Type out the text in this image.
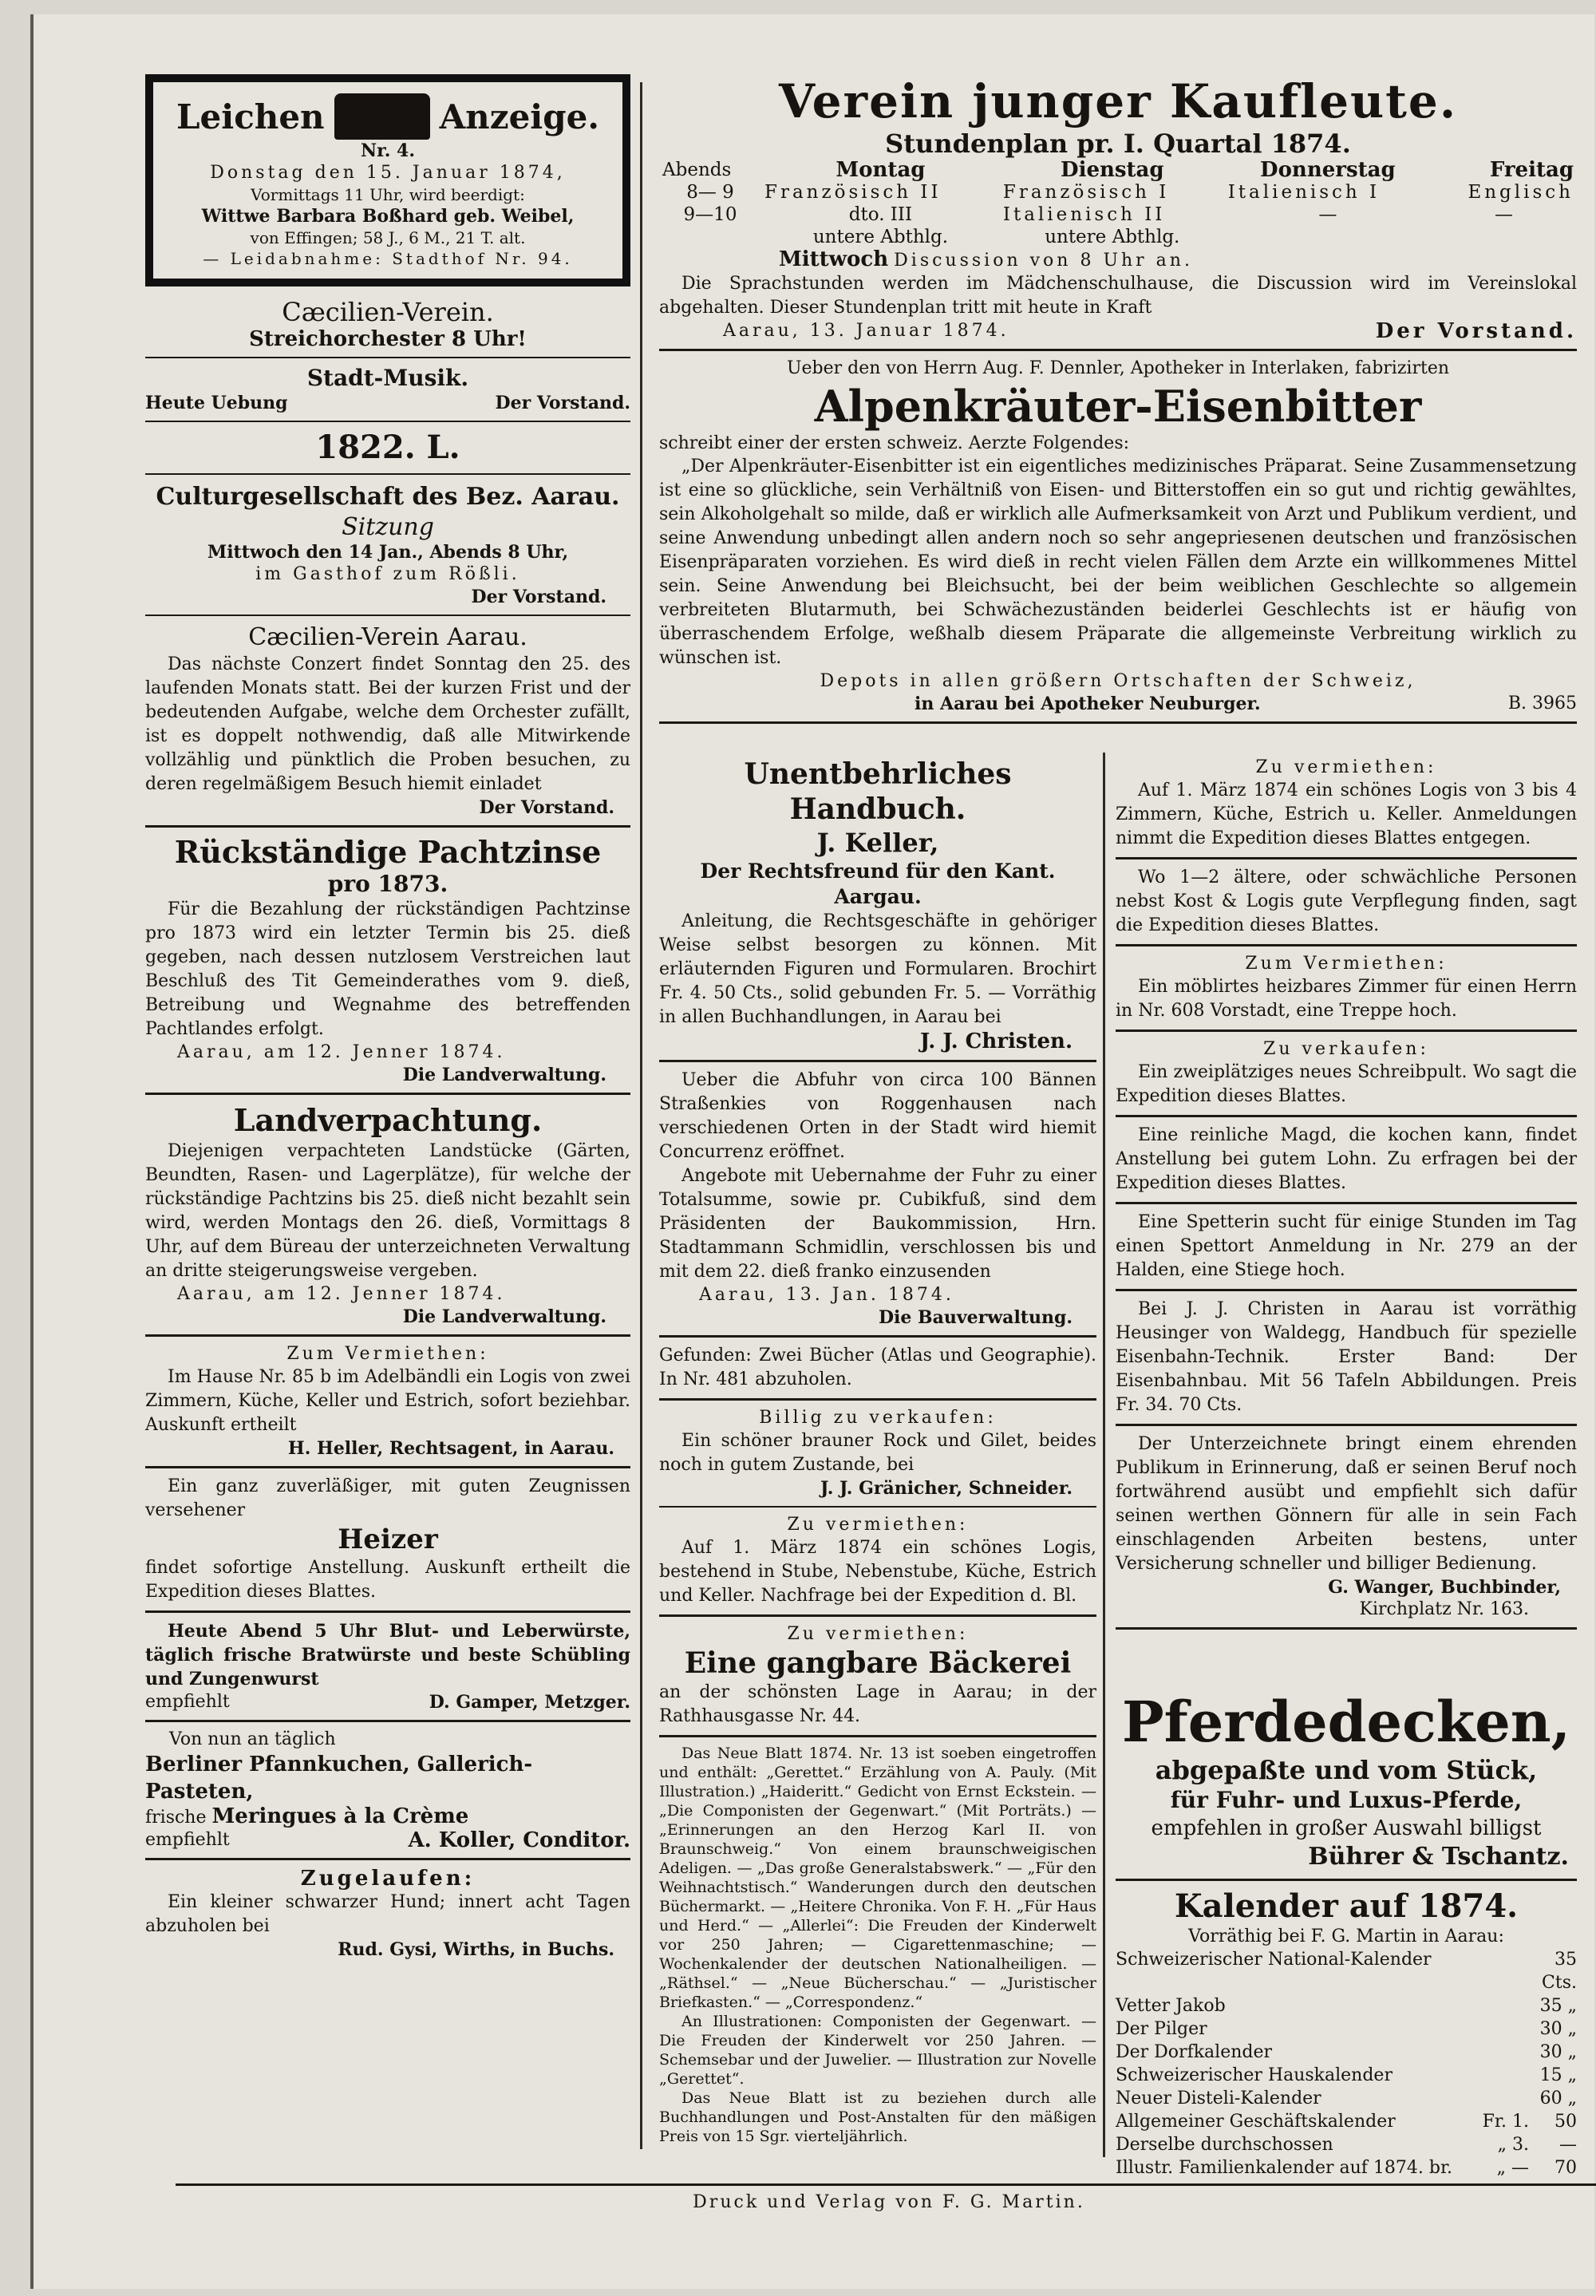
Leichen	Anzeige.
Nr. 4.
Donstag den 15. Januar 1874,
Vormittags 11 Uhr, wird beerdigt:
Wittwe Barbara Boßhard geb. Weibel,
von Effingen; 58 J., 6 M., 21 T. alt.
— Leidabnahme: Stadthof Nr. 94.
Cæcilien-Verein.
Streichorchester 8 Uhr!
Stadt-Musik.
Heute Uebung	Der Vorstand.
1822. L.
Culturgesellschaft des Bez. Aarau.
Sitzung
Mittwoch den 14 Jan., Abends 8 Uhr,
im Gasthof zum Rößli.
Der Vorstand.
Cæcilien-Verein Aarau.
Das nächste Conzert findet Sonntag den 25. des laufenden Monats statt. Bei der kurzen Frist und der bedeutenden Aufgabe, welche dem Orchester zufällt, ist es doppelt nothwendig, daß alle Mitwirkende vollzählig und pünktlich die Proben besuchen, zu deren regelmäßigem Besuch hiemit einladet
Der Vorstand.
Rückständige Pachtzinse
pro 1873.
Für die Bezahlung der rückständigen Pachtzinse pro 1873 wird ein letzter Termin bis 25. dieß gegeben, nach dessen nutzlosem Verstreichen laut Beschluß des Tit Gemeinderathes vom 9. dieß, Betreibung und Wegnahme des betreffenden Pachtlandes erfolgt.
Aarau, am 12. Jenner 1874.
Die Landverwaltung.
Landverpachtung.
Diejenigen verpachteten Landstücke (Gärten, Beundten, Rasen- und Lagerplätze), für welche der rückständige Pachtzins bis 25. dieß nicht bezahlt sein wird, werden Montags den 26. dieß, Vormittags 8 Uhr, auf dem Büreau der unterzeichneten Verwaltung an dritte steigerungsweise vergeben.
Aarau, am 12. Jenner 1874.
Die Landverwaltung.
Zum Vermiethen:
Im Hause Nr. 85 b im Adelbändli ein Logis von zwei Zimmern, Küche, Keller und Estrich, sofort beziehbar. Auskunft ertheilt
H. Heller, Rechtsagent, in Aarau.
Ein ganz zuverläßiger, mit guten Zeugnissen versehener
Heizer
findet sofortige Anstellung. Auskunft ertheilt die Expedition dieses Blattes.
Heute Abend 5 Uhr Blut- und Leberwürste, täglich frische Bratwürste und beste Schübling und Zungenwurst
empfiehlt	D. Gamper, Metzger.
Von nun an täglich
Berliner Pfannkuchen, Gallerich-Pasteten,
frische Meringues à la Crème
empfiehlt	A. Koller, Conditor.
Zugelaufen:
Ein kleiner schwarzer Hund; innert acht Tagen abzuholen bei
Rud. Gysi, Wirths, in Buchs.
Verein junger Kaufleute.
Stundenplan pr. I. Quartal 1874.
Abends	Montag	Dienstag	Donnerstag	Freitag
8— 9	Französisch II	Französisch I	Italienisch I	Englisch
9—10	dto. III	Italienisch II	—	—
	untere Abthlg.	untere Abthlg.		
Mittwoch Discussion von 8 Uhr an.
Die Sprachstunden werden im Mädchenschulhause, die Discussion wird im Vereinslokal abgehalten. Dieser Stundenplan tritt mit heute in Kraft
Aarau, 13. Januar 1874.	Der Vorstand.
Ueber den von Herrn Aug. F. Dennler, Apotheker in Interlaken, fabrizirten
Alpenkräuter-Eisenbitter
schreibt einer der ersten schweiz. Aerzte Folgendes:
„Der Alpenkräuter-Eisenbitter ist ein eigentliches medizinisches Präparat. Seine Zusammensetzung ist eine so glückliche, sein Verhältniß von Eisen- und Bitterstoffen ein so gut und richtig gewähltes, sein Alkoholgehalt so milde, daß er wirklich alle Aufmerksamkeit von Arzt und Publikum verdient, und seine Anwendung unbedingt allen andern noch so sehr angepriesenen deutschen und französischen Eisenpräparaten vorziehen. Es wird dieß in recht vielen Fällen dem Arzte ein willkommenes Mittel sein. Seine Anwendung bei Bleichsucht, bei der beim weiblichen Geschlechte so allgemein verbreiteten Blutarmuth, bei Schwächezuständen beiderlei Geschlechts ist er häufig von überraschendem Erfolge, weßhalb diesem Präparate die allgemeinste Verbreitung wirklich zu wünschen ist.
Depots in allen größern Ortschaften der Schweiz,
in Aarau bei Apotheker Neuburger.	B. 3965
Unentbehrliches Handbuch.
J. Keller,
Der Rechtsfreund für den Kant. Aargau.
Anleitung, die Rechtsgeschäfte in gehöriger Weise selbst besorgen zu können. Mit erläuternden Figuren und Formularen. Brochirt Fr. 4. 50 Cts., solid gebunden Fr. 5. — Vorräthig in allen Buchhandlungen, in Aarau bei
J. J. Christen.
Ueber die Abfuhr von circa 100 Bännen Straßenkies von Roggenhausen nach verschiedenen Orten in der Stadt wird hiemit Concurrenz eröffnet.
Angebote mit Uebernahme der Fuhr zu einer Totalsumme, sowie pr. Cubikfuß, sind dem Präsidenten der Baukommission, Hrn. Stadtammann Schmidlin, verschlossen bis und mit dem 22. dieß franko einzusenden
Aarau, 13. Jan. 1874.
Die Bauverwaltung.
Gefunden: Zwei Bücher (Atlas und Geographie). In Nr. 481 abzuholen.
Billig zu verkaufen:
Ein schöner brauner Rock und Gilet, beides noch in gutem Zustande, bei
J. J. Gränicher, Schneider.
Zu vermiethen:
Auf 1. März 1874 ein schönes Logis, bestehend in Stube, Nebenstube, Küche, Estrich und Keller. Nachfrage bei der Expedition d. Bl.
Zu vermiethen:
Eine gangbare Bäckerei
an der schönsten Lage in Aarau; in der Rathhausgasse Nr. 44.
Das Neue Blatt 1874. Nr. 13 ist soeben eingetroffen und enthält: „Gerettet.“ Erzählung von A. Pauly. (Mit Illustration.) „Haideritt.“ Gedicht von Ernst Eckstein. — „Die Componisten der Gegenwart.“ (Mit Porträts.) — „Erinnerungen an den Herzog Karl II. von Braunschweig.“ Von einem braunschweigischen Adeligen. — „Das große Generalstabswerk.“ — „Für den Weihnachtstisch.“ Wanderungen durch den deutschen Büchermarkt. — „Heitere Chronika. Von F. H. „Für Haus und Herd.“ — „Allerlei“: Die Freuden der Kinderwelt vor 250 Jahren; — Cigarettenmaschine; — Wochenkalender der deutschen Nationalheiligen. — „Räthsel.“ — „Neue Bücherschau.“ — „Juristischer Briefkasten.“ — „Correspondenz.“
An Illustrationen: Componisten der Gegenwart. — Die Freuden der Kinderwelt vor 250 Jahren. — Schemsebar und der Juwelier. — Illustration zur Novelle „Gerettet“.
Das Neue Blatt ist zu beziehen durch alle Buchhandlungen und Post-Anstalten für den mäßigen Preis von 15 Sgr. vierteljährlich.
Zu vermiethen:
Auf 1. März 1874 ein schönes Logis von 3 bis 4 Zimmern, Küche, Estrich u. Keller. Anmeldungen nimmt die Expedition dieses Blattes entgegen.
Wo 1—2 ältere, oder schwächliche Personen nebst Kost & Logis gute Verpflegung finden, sagt die Expedition dieses Blattes.
Zum Vermiethen:
Ein möblirtes heizbares Zimmer für einen Herrn in Nr. 608 Vorstadt, eine Treppe hoch.
Zu verkaufen:
Ein zweiplätziges neues Schreibpult. Wo sagt die Expedition dieses Blattes.
Eine reinliche Magd, die kochen kann, findet Anstellung bei gutem Lohn. Zu erfragen bei der Expedition dieses Blattes.
Eine Spetterin sucht für einige Stunden im Tag einen Spettort Anmeldung in Nr. 279 an der Halden, eine Stiege hoch.
Bei J. J. Christen in Aarau ist vorräthig Heusinger von Waldegg, Handbuch für spezielle Eisenbahn-Technik. Erster Band: Der Eisenbahnbau. Mit 56 Tafeln Abbildungen. Preis Fr. 34. 70 Cts.
Der Unterzeichnete bringt einem ehrenden Publikum in Erinnerung, daß er seinen Beruf noch fortwährend ausübt und empfiehlt sich dafür seinen werthen Gönnern für alle in sein Fach einschlagenden Arbeiten bestens, unter Versicherung schneller und billiger Bedienung.
G. Wanger, Buchbinder,
Kirchplatz Nr. 163.
Pferdedecken,
abgepaßte und vom Stück,
für Fuhr- und Luxus-Pferde,
empfehlen in großer Auswahl billigst
Bührer & Tschantz.
Kalender auf 1874.
Vorräthig bei F. G. Martin in Aarau:
Schweizerischer National-Kalender	35 Cts.
Vetter Jakob	35 „
Der Pilger	30 „
Der Dorfkalender	30 „
Schweizerischer Hauskalender	15 „
Neuer Disteli-Kalender	60 „
Allgemeiner Geschäftskalender	Fr. 1.	50
Derselbe durchschossen	„ 3.	—
Illustr. Familienkalender auf 1874. br.	„ —	70
Druck und Verlag von F. G. Martin.
